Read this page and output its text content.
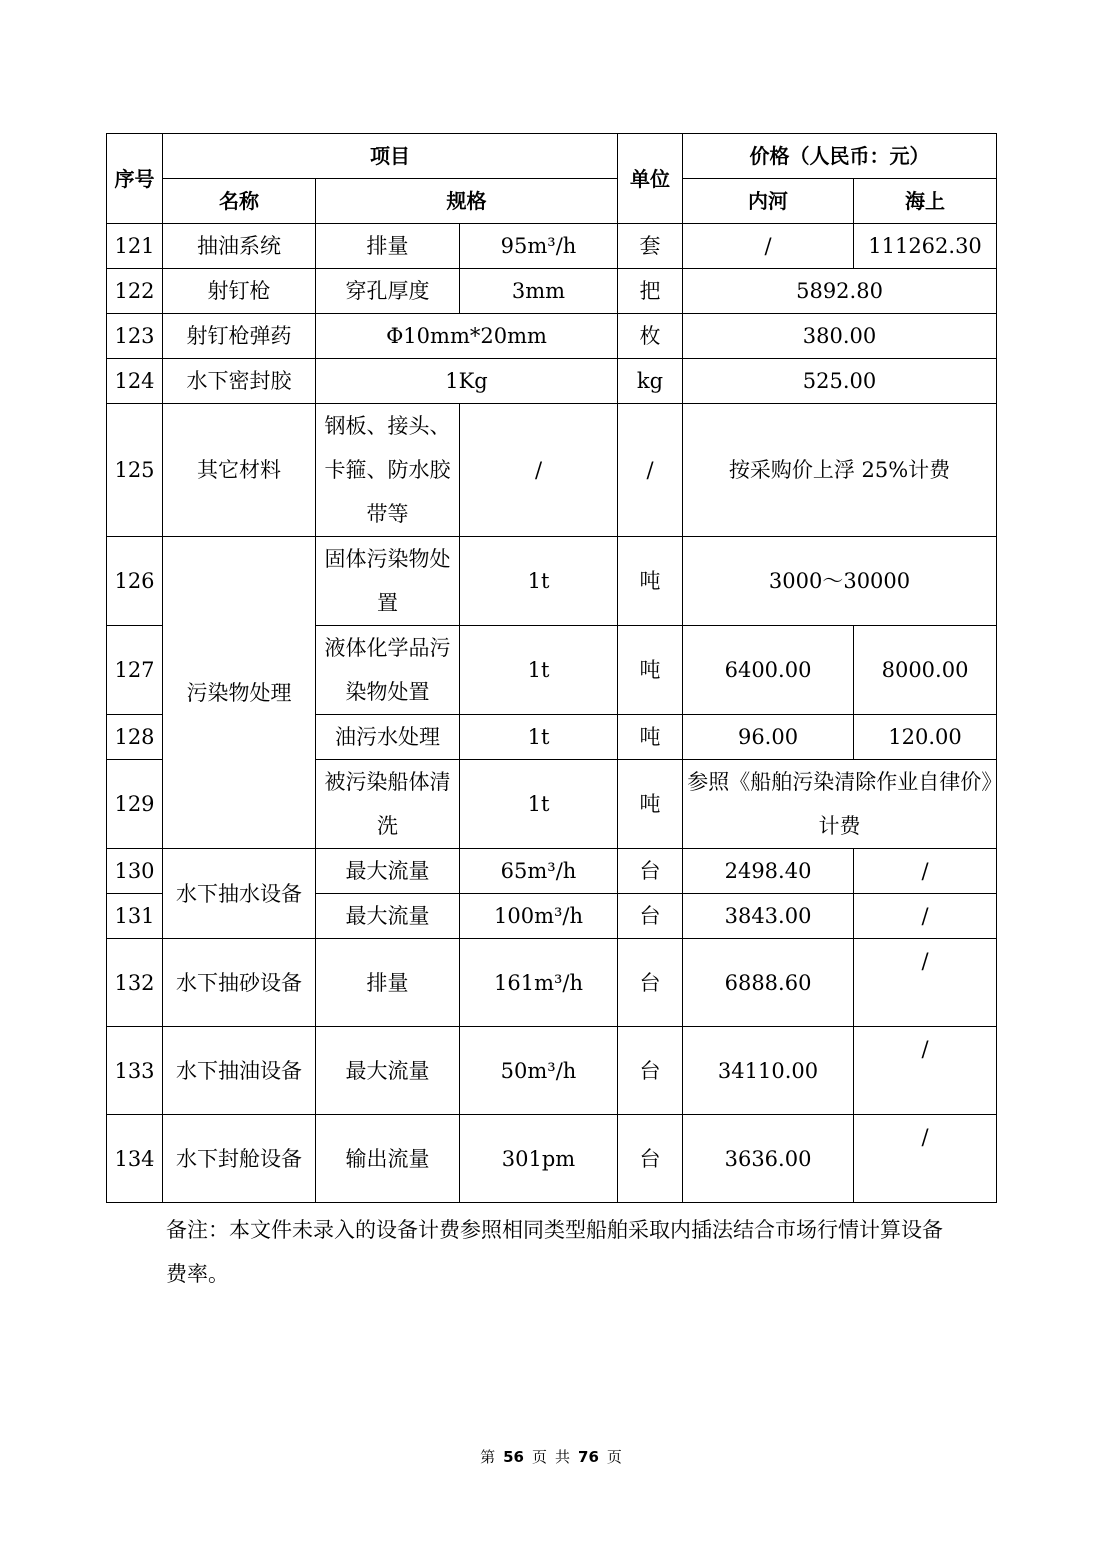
序号	项目			单位	价格（人民币：元）	
	名称	规格			内河	海上
121	抽油系统	排量	95m³/h	套	/	111262.30
122	射钉枪	穿孔厚度	3mm	把	5892.80	
123	射钉枪弹药	Φ10mm*20mm		枚	380.00	
124	水下密封胶	1Kg		kg	525.00	
125	其它材料	钢板、接头、卡箍、防水胶带等	/	/	按采购价上浮 25%计费	
126	污染物处理	固体污染物处置	1t	吨	3000～30000	
127		液体化学品污染物处置	1t	吨	6400.00	8000.00
128		油污水处理	1t	吨	96.00	120.00
129		被污染船体清洗	1t	吨	参照《船舶污染清除作业自律价》计费	
130	水下抽水设备	最大流量	65m³/h	台	2498.40	/
131		最大流量	100m³/h	台	3843.00	/
132	水下抽砂设备	排量	161m³/h	台	6888.60	/
133	水下抽油设备	最大流量	50m³/h	台	34110.00	/
134	水下封舱设备	输出流量	301pm	台	3636.00	/
备注：本文件未录入的设备计费参照相同类型船舶采取内插法结合市场行情计算设备费率。
第 56 页 共 76 页
